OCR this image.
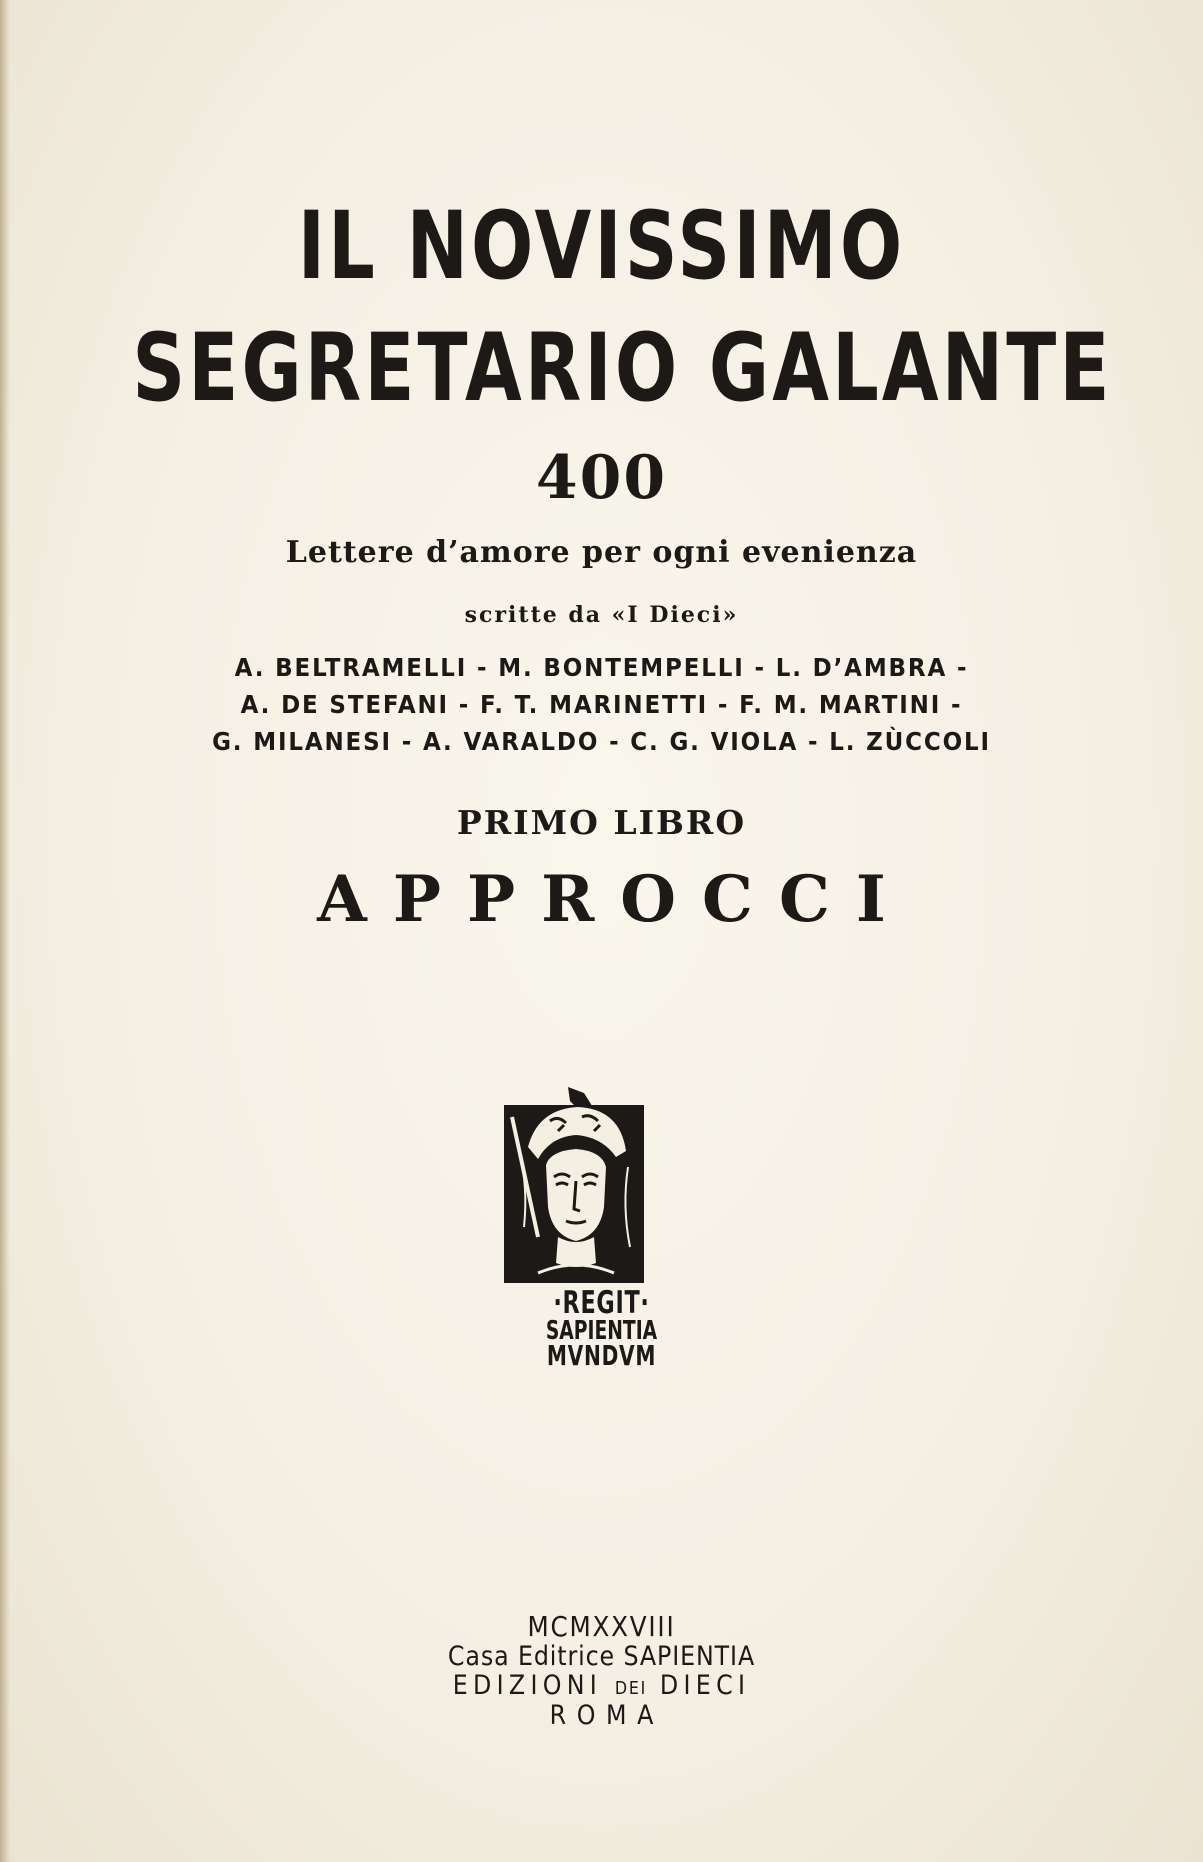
IL NOVISSIMO
SEGRETARIO GALANTE
400
Lettere d’amore per ogni evenienza
scritte da «I Dieci»
A. BELTRAMELLI - M. BONTEMPELLI - L. D’AMBRA -
A. DE STEFANI - F. T. MARINETTI - F. M. MARTINI -
G. MILANESI - A. VARALDO - C. G. VIOLA - L. ZÙCCOLI
PRIMO LIBRO
APPROCCI
·REGIT·
SAPIENTIA
MVNDVM
MCMXXVIII
Casa Editrice SAPIENTIA
EDIZIONI DEI DIECI
ROMA
